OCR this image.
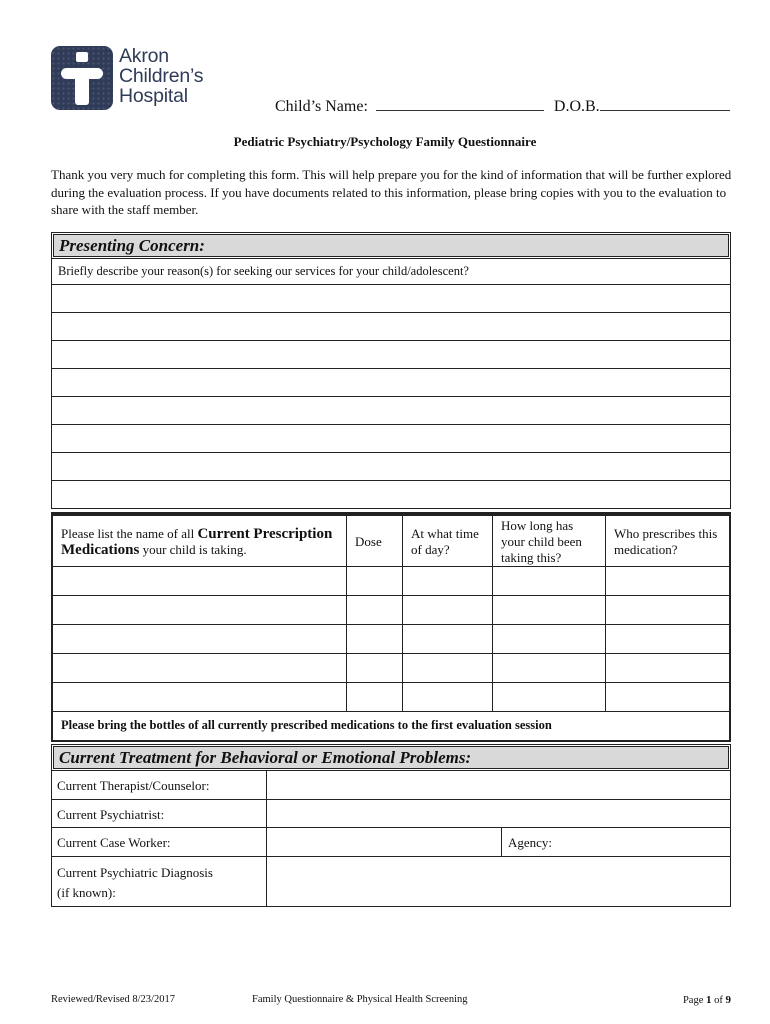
Akron
Children’s
Hospital	Child’s Name:	D.O.B.
Pediatric Psychiatry/Psychology Family Questionnaire
Thank you very much for completing this form. This will help prepare you for the kind of information that will be further explored during the evaluation process. If you have documents related to this information, please bring copies with you to the evaluation to share with the staff member.
Presenting Concern:
Briefly describe your reason(s) for seeking our services for your child/adolescent?
Please list the name of all Current Prescription
Medications your child is taking.	Dose	At what time of day?	How long has your child been taking this?	Who prescribes this medication?

Please bring the bottles of all currently prescribed medications to the first evaluation session				
Current Treatment for Behavioral or Emotional Problems:
Current Therapist/Counselor:
Current Psychiatrist:
Current Case Worker:	Agency:
Current Psychiatric Diagnosis
(if known):
Reviewed/Revised 8/23/2017	Family Questionnaire & Physical Health Screening	Page 1 of 9
